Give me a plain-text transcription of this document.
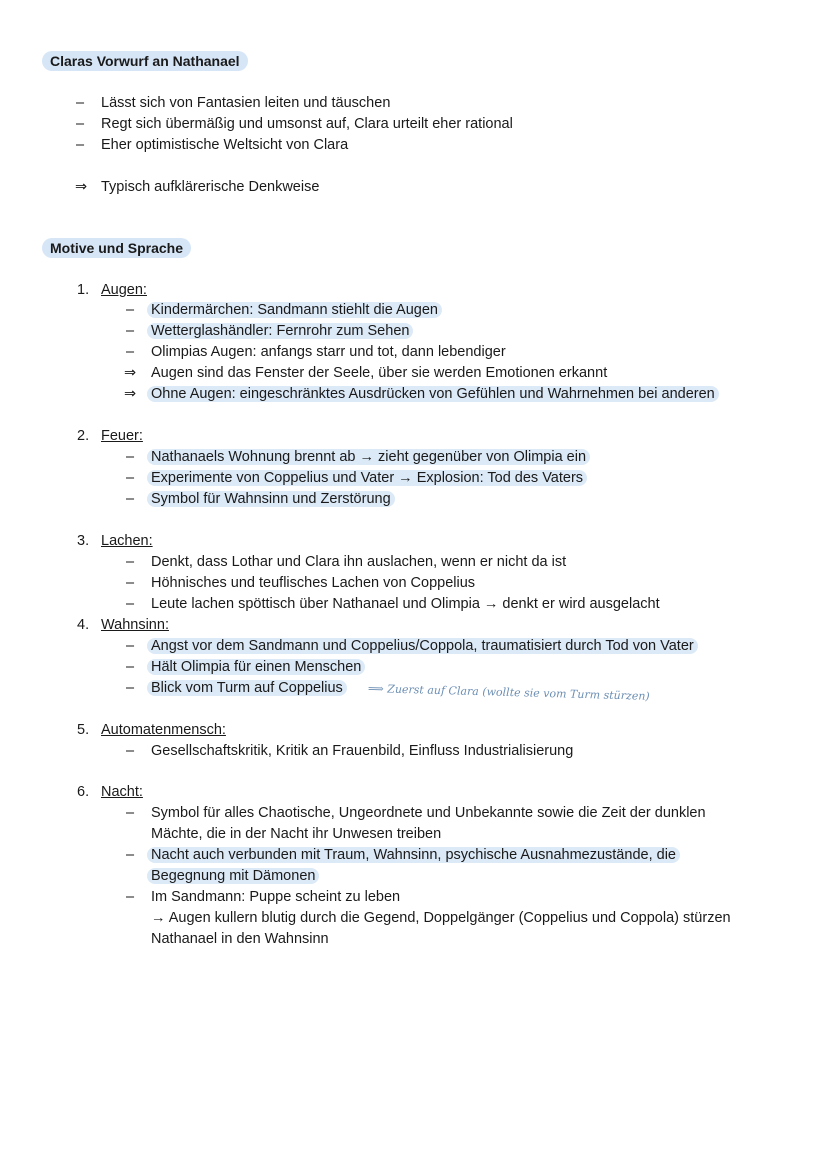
Claras Vorwurf an Nathanael
– Lässt sich von Fantasien leiten und täuschen
– Regt sich übermäßig und umsonst auf, Clara urteilt eher rational
– Eher optimistische Weltsicht von Clara
⇒ Typisch aufklärerische Denkweise
Motive und Sprache
1. Augen:
– Kindermärchen: Sandmann stiehlt die Augen
– Wetterglashändler: Fernrohr zum Sehen
– Olimpias Augen: anfangs starr und tot, dann lebendiger
⇒ Augen sind das Fenster der Seele, über sie werden Emotionen erkannt
⇒ Ohne Augen: eingeschränktes Ausdrücken von Gefühlen und Wahrnehmen bei anderen
2. Feuer:
– Nathanaels Wohnung brennt ab → zieht gegenüber von Olimpia ein
– Experimente von Coppelius und Vater → Explosion: Tod des Vaters
– Symbol für Wahnsinn und Zerstörung
3. Lachen:
– Denkt, dass Lothar und Clara ihn auslachen, wenn er nicht da ist
– Höhnisches und teuflisches Lachen von Coppelius
– Leute lachen spöttisch über Nathanael und Olimpia → denkt er wird ausgelacht
4. Wahnsinn:
– Angst vor dem Sandmann und Coppelius/Coppola, traumatisiert durch Tod von Vater
– Hält Olimpia für einen Menschen
– Blick vom Turm auf Coppelius	⟹ Zuerst auf Clara (wollte sie vom Turm stürzen)
5. Automatenmensch:
– Gesellschaftskritik, Kritik an Frauenbild, Einfluss Industrialisierung
6. Nacht:
– Symbol für alles Chaotische, Ungeordnete und Unbekannte sowie die Zeit der dunklen
Mächte, die in der Nacht ihr Unwesen treiben
– Nacht auch verbunden mit Traum, Wahnsinn, psychische Ausnahmezustände, die
Begegnung mit Dämonen
– Im Sandmann: Puppe scheint zu leben
→ Augen kullern blutig durch die Gegend, Doppelgänger (Coppelius und Coppola) stürzen
Nathanael in den Wahnsinn
